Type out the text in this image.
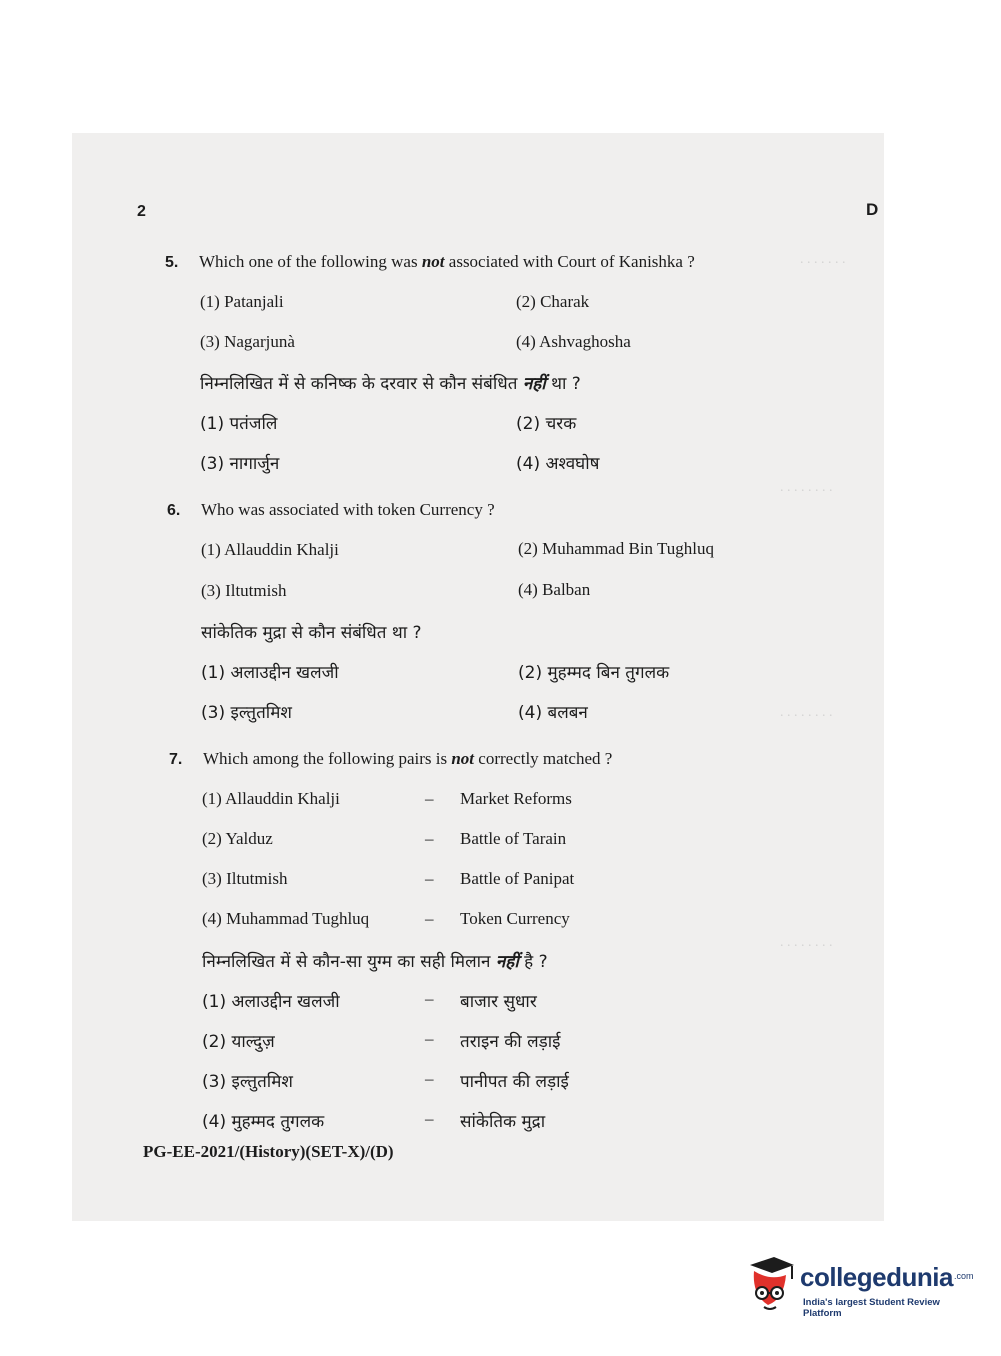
. . . . . . .
. . . . . . . .
. . . . . . . .
. . . . . . . .
2	D
5. Which one of the following was not associated with Court of Kanishka ?
(1) Patanjali	(2) Charak
(3) Nagarjunà	(4) Ashvaghosha
निम्नलिखित में से कनिष्क के दरवार से कौन संबंधित नहीं था ?
(1) पतंजलि	(2) चरक
(3) नागार्जुन	(4) अश्वघोष
6. Who was associated with token Currency ?
(1) Allauddin Khalji	(2) Muhammad Bin Tughluq
(3) Iltutmish	(4) Balban
सांकेतिक मुद्रा से कौन संबंधित था ?
(1) अलाउद्दीन खलजी	(2) मुहम्मद बिन तुगलक
(3) इल्तुतमिश	(4) बलबन
7. Which among the following pairs is not correctly matched ?
(1) Allauddin Khalji	– Market Reforms
(2) Yalduz	– Battle of Tarain
(3) Iltutmish	– Battle of Panipat
(4) Muhammad Tughluq	– Token Currency
निम्नलिखित में से कौन-सा युग्म का सही मिलान नहीं है ?
(1) अलाउद्दीन खलजी	– बाजार सुधार
(2) याल्दुज़	– तराइन की लड़ाई
(3) इल्तुतमिश	– पानीपत की लड़ाई
(4) मुहम्मद तुगलक	– सांकेतिक मुद्रा
PG-EE-2021/(History)(SET-X)/(D)
collegedunia .com
India's largest Student Review Platform
